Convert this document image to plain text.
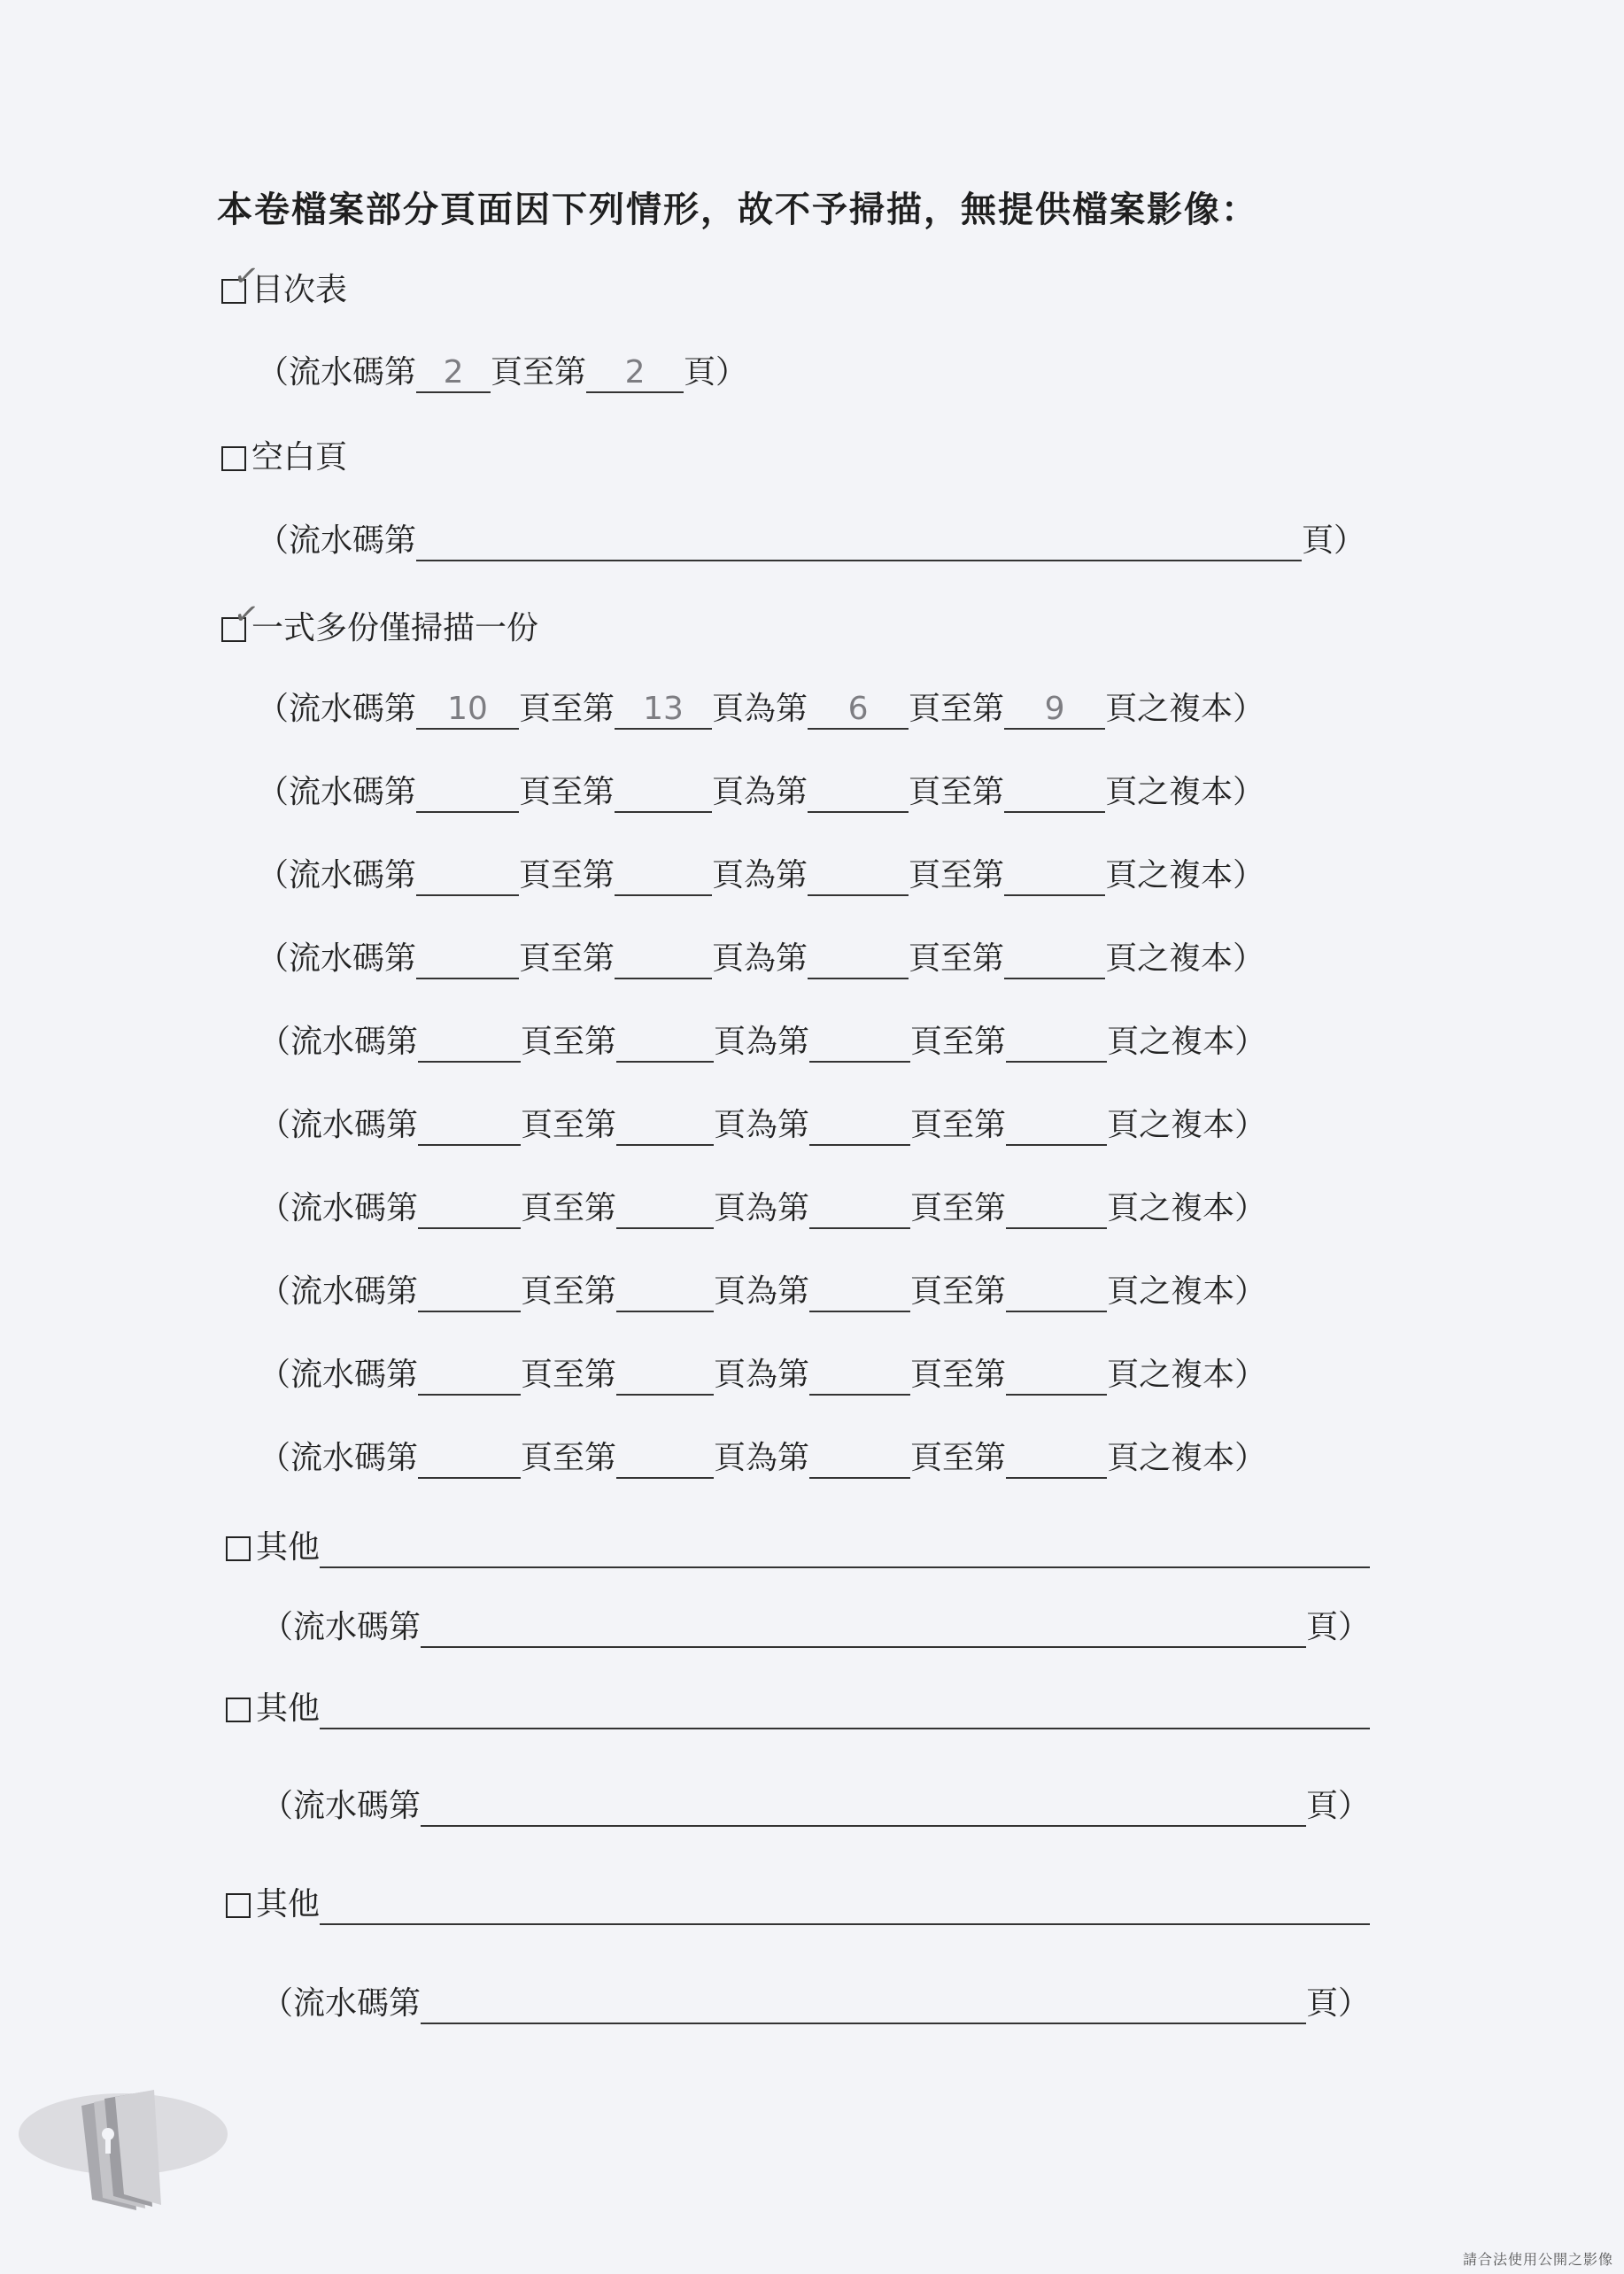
本卷檔案部分頁面因下列情形，故不予掃描，無提供檔案影像：
✓
目次表
（流水碼第 2 頁至第	2	頁）
空白頁
（流水碼第	頁）
✓
一式多份僅掃描一份
（流水碼第 10 頁至第 13 頁為第	6	頁至第	9	頁之複本）
（流水碼第	頁至第	頁為第	頁至第	頁之複本）
（流水碼第	頁至第	頁為第	頁至第	頁之複本）
（流水碼第	頁至第	頁為第	頁至第	頁之複本）
（流水碼第	頁至第	頁為第	頁至第	頁之複本）
（流水碼第	頁至第	頁為第	頁至第	頁之複本）
（流水碼第	頁至第	頁為第	頁至第	頁之複本）
（流水碼第	頁至第	頁為第	頁至第	頁之複本）
（流水碼第	頁至第	頁為第	頁至第	頁之複本）
（流水碼第	頁至第	頁為第	頁至第	頁之複本）
其他
（流水碼第	頁）
其他
（流水碼第	頁）
其他
（流水碼第	頁）
請合法使用公開之影像
